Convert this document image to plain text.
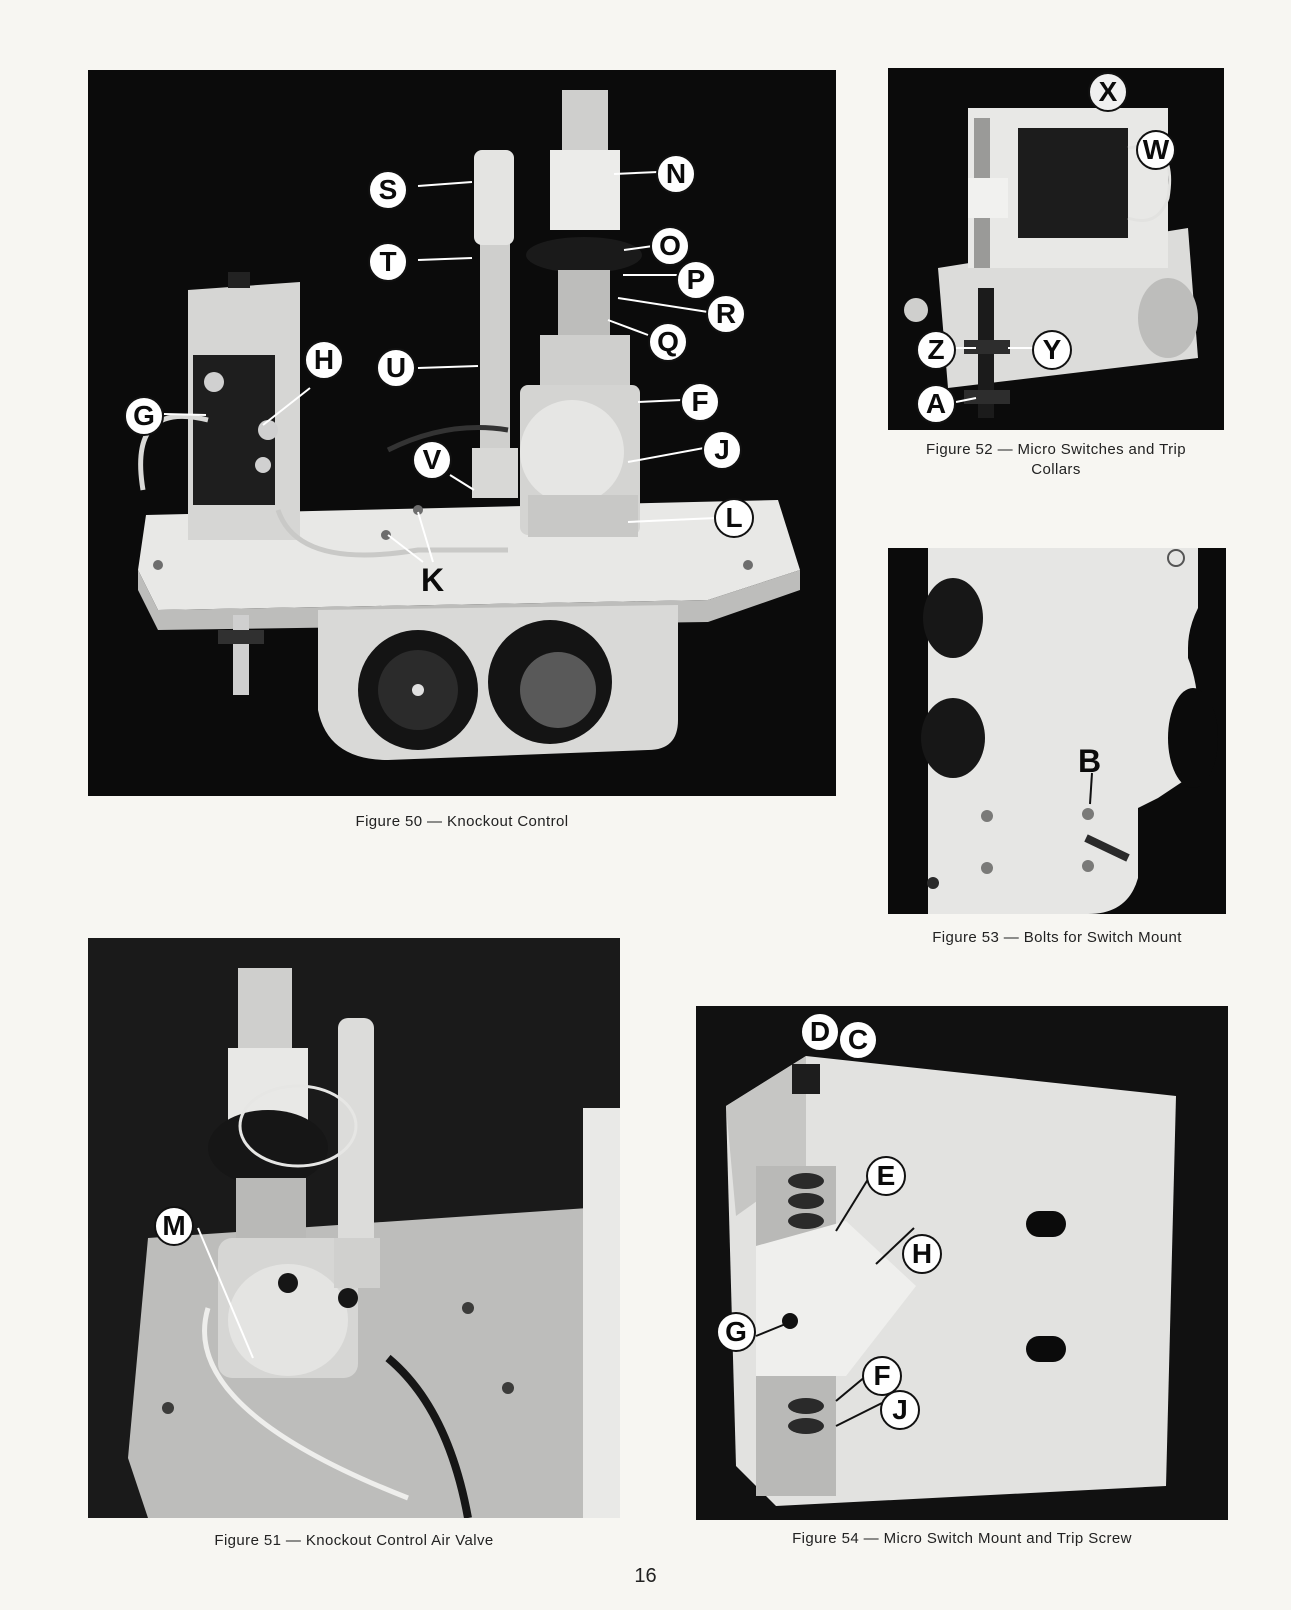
S
N
T
O
P
R
Q
H	U
F
G
J
V
L
K
Figure 50 — Knockout Control
X
W
Z	Y
A
Figure 52 — Micro Switches and Trip
Collars
B
Figure 53 — Bolts for Switch Mount
M
Figure 51 — Knockout Control Air Valve
D C
E
H
G
F
J
Figure 54 — Micro Switch Mount and Trip Screw
16
